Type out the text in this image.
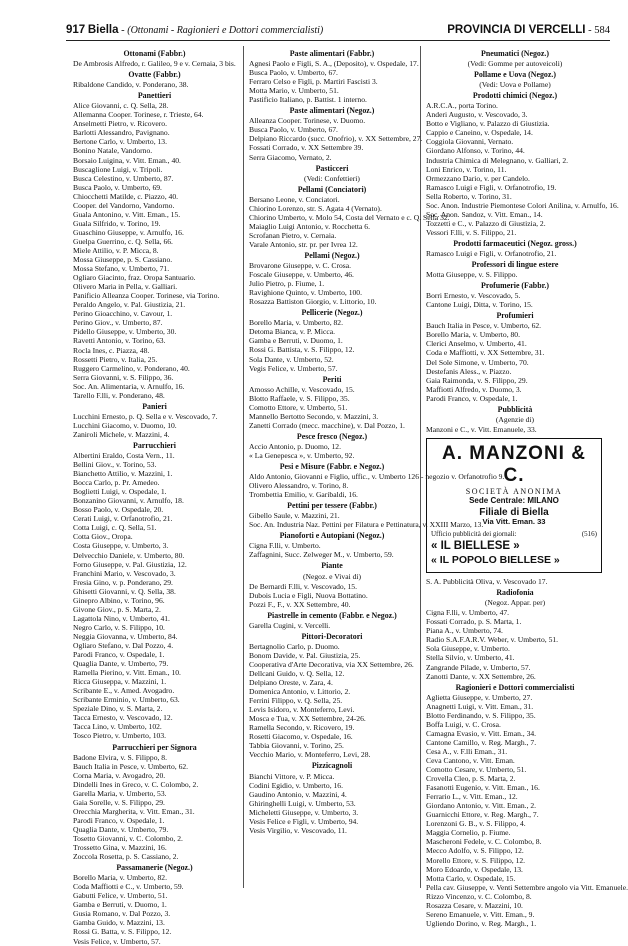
917 Biella - (Ottonami - Ragionieri e Dottori commercialisti)	PROVINCIA DI VERCELLI - 584
Ottonami (Fabbr.)

De Ambrosis Alfredo, r. Galileo, 9 e v. Cernaia, 3 bis.

Ovatte (Fabbr.)

Ribaldone Candido, v. Ponderano, 38.

Panettieri

Alice Giovanni, c. Q. Sella, 28.

Allemanna Cooper. Torinese, r. Trieste, 64.

Anselmetti Pietro, v. Ricovero.

Barlotti Alessandro, Pavignano.

Bertone Carlo, v. Umberto, 13.

Bonino Natale, Vandorno.

Borsaio Luigina, v. Vitt. Eman., 40.

Buscaglione Luigi, v. Tripoli.

Busca Celestino, v. Umberto, 87.

Busca Paolo, v. Umberto, 69.

Chiocchetti Matilde, c. Piazzo, 40.

Cooper. del Vandorno, Vandorno.

Guala Antonino, v. Vitt. Eman., 15.

Guala Silfrido, v. Torino, 19.

Guaschino Giuseppe, v. Arnulfo, 16.

Guelpa Guerrino, c. Q. Sella, 66.

Miele Attilio, v. P. Micca, 8.

Mossa Giuseppe, p. S. Cassiano.

Mossa Stefano, v. Umberto, 71.

Ogliaro Giacinto, fraz. Oropa Santuario.

Olivero Maria in Pella, v. Galliari.

Panificio Alleanza Cooper. Torinese, via Torino.

Peraldo Angelo, v. Pal. Giustizia, 21.

Perino Gioacchino, v. Cavour, 1.

Perino Giov., v. Umberto, 87.

Pidello Giuseppe, v. Umberto, 30.

Ravetti Antonio, v. Torino, 63.

Rocla Ines, c. Piazza, 48.

Rossetti Pietro, v. Italia, 25.

Ruggero Carmelino, v. Ponderano, 40.

Serra Giovanni, v. S. Filippo, 36.

Soc. An. Alimentaria, v. Arnulfo, 16.

Tarello F.lli, v. Ponderano, 48.

Panieri

Lucchini Ernesto, p. Q. Sella e v. Vescovado, 7.

Lucchini Giacomo, v. Duomo, 10.

Zaniroli Michele, v. Mazzini, 4.

Parrucchieri

Albertini Eraldo, Costa Vern., 11.

Bellini Giov., v. Torino, 53.

Bianchetto Attilio, v. Mazzini, 1.

Bocca Carlo, p. Pr. Amedeo.

Boglietti Luigi, v. Ospedale, 1.

Bonzanino Giovanni, v. Arnulfo, 18.

Bosso Paolo, v. Ospedale, 20.

Cerati Luigi, v. Orfanotrofio, 21.

Cotta Luigi, c. Q. Sella, 51.

Cotta Giov., Oropa.

Costa Giuseppe, v. Umberto, 3.

Delvecchio Daniele, v. Umberto, 80.

Forno Giuseppe, v. Pal. Giustizia, 12.

Franchini Mario, v. Vescovado, 3.

Fresia Gino, v. p. Ponderano, 29.

Ghisetti Giovanni, v. Q. Sella, 38.

Ginepro Albino, v. Torino, 96.

Givone Giov., p. S. Marta, 2.

Lagattola Nino, v. Umberto, 41.

Negro Carlo, v. S. Filippo, 10.

Neggia Giovanna, v. Umberto, 84.

Ogliaro Stefano, v. Dal Pozzo, 4.

Parodi Franco, v. Ospedale, 1.

Quaglia Dante, v. Umberto, 79.

Ramella Pierino, v. Vitt. Eman., 10.

Ricca Giuseppa, v. Mazzini, 1.

Scribante E., v. Amed. Avogadro.

Scribante Erminio, v. Umberto, 63.

Speziale Dino, v. S. Marta, 2.

Tacca Ernesto, v. Vescovado, 12.

Tacca Lino, v. Umberto, 102.

Tosco Pietro, v. Umberto, 103.

Parrucchieri per Signora

Badone Elvira, v. S. Filippo, 8.

Bauch Italia in Pesce, v. Umberto, 62.

Corna Maria, v. Avogadro, 20.

Dindelli Ines in Greco, v. C. Colombo, 2.

Garella Maria, v. Umberto, 53.

Gaia Sorelle, v. S. Filippo, 29.

Orecchia Margherita, v. Vitt. Eman., 31.

Parodi Franco, v. Ospedale, 1.

Quaglia Dante, v. Umberto, 79.

Tosetto Giovanni, v. C. Colombo, 2.

Trossetto Gina, v. Mazzini, 16.

Zoccola Rosetta, p. S. Cassiano, 2.

Passamanerie (Negoz.)

Borello Maria, v. Umberto, 82.

Coda Maffiotti e C., v. Umberto, 59.

Gabutti Felice, v. Umberto, 51.

Gamba e Berruti, v. Duomo, 1.

Gusia Romano, v. Dal Pozzo, 3.

Gamba Guido, v. Mazzini, 13.

Rossi G. Batta, v. S. Filippo, 12.

Vesis Felice, v. Umberto, 57.

Paste alimentari (Fabbr.)

Agnesi Paolo e Figli, S. A., (Deposito), v. Ospedale, 17.

Busca Paolo, v. Umberto, 67.

Ferraro Celso e Figli, p. Martiri Fascisti 3.

Motta Mario, v. Umberto, 51.

Pastificio Italiano, p. Battist. 1 interno.

Paste alimentari (Negoz.)

Alleanza Cooper. Torinese, v. Duomo.

Busca Paolo, v. Umberto, 67.

Delpiano Riccardo (succ. Onofrio), v. XX Settembre, 27.

Fossati Corrado, v. XX Settembre 39.

Serra Giacomo, Vernato, 2.

Pasticceri
(Vedi: Confettieri)
Pellami (Conciatori)

Bersano Leone, v. Conciatori.

Chiorino Lorenzo, str. S. Agata 4 (Vernato).

Chiorino Umberto, v. Molo 54, Costa del Vernato e c. Q. Sella 32.

Maiaglio Luigi Antonio, v. Rocchetta 6.

Scrofanan Pietro, v. Cernaia.

Varale Antonio, str. pr. per Ivrea 12.

Pellami (Negoz.)

Brovarone Giuseppe, v. C. Crosa.

Foscale Giuseppe, v. Umberto, 46.

Julio Pietro, p. Fiume, 1.

Ravighione Quinto, v. Umberto, 100.

Rosazza Battiston Giorgio, v. Littorio, 10.

Pellicerie (Negoz.)

Borello Maria, v. Umberto, 82.

Detoma Bianca, v. P. Micca.

Gamba e Berruti, v. Duomo, 1.

Rossi G. Battista, v. S. Filippo, 12.

Sola Dante, v. Umberto, 52.

Vegis Felice, v. Umberto, 57.

Periti

Amosso Achille, v. Vescovado, 15.

Blotto Raffaele, v. S. Filippo, 35.

Comotto Ettore, v. Umberto, 51.

Mannello Bertotto Secondo, v. Mazzini, 3.

Zanetti Corrado (mecc. macchine), v. Dal Pozzo, 1.

Pesce fresco (Negoz.)

Accio Antonio, p. Duomo, 12.

« La Genepesca », v. Umberto, 92.

Pesi e Misure (Fabbr. e Negoz.)

Aldo Antonio, Giovanni e Figlio, uffic., v. Umberto 126 - negozio v. Orfanotrofio 9.

Olivero Alessandro, v. Torino, 8.

Trombettia Emilio, v. Garibaldi, 16.

Pettini per tessere (Fabbr.)

Gibello Saule, v. Mazzini, 21.

Soc. An. Industria Naz. Pettini per Filatura e Pettinatura, v. XXIII Marzo, 13.

Pianoforti e Autopiani (Negoz.)

Cigna F.lli, v. Umberto.

Zaffagnini, Succ. Zelweger M., v. Umberto, 59.

Piante
(Negoz. e Vivai di)

De Bernardi F.lli, v. Vescovado, 15.

Dubois Lucia e Figli, Nuova Bottatino.

Pozzi F., F., v. XX Settembre, 40.

Piastrelle in cemento (Fabbr. e Negoz.)

Garella Cugini, v. Vercelli.

Pittori-Decoratori

Bertagnolio Carlo, p. Duomo.

Bonom Davide, v. Pal. Giustizia, 25.

Cooperativa d'Arte Decorativa, via XX Settembre, 26.

Dellcani Guido, v. Q. Sella, 12.

Delpiano Oreste, v. Zara, 4.

Domenica Antonio, v. Littorio, 2.

Ferrini Filippo, v. Q. Sella, 25.

Levis Isidoro, v. Monteferro, Levi.

Mosca e Tua, v. XX Settembre, 24-26.

Ramella Secondo, v. Ricovero, 19.

Rosetti Giacomo, v. Ospedale, 16.

Tabbia Giovanni, v. Torino, 25.

Vecchio Mario, v. Monteferro, Levi, 28.

Pizzicagnoli

Bianchi Vittore, v. P. Micca.

Codini Egidio, v. Umberto, 16.

Gaudino Antonio, v. Mazzini, 4.

Ghiringhelli Luigi, v. Umberto, 53.

Micheletti Giuseppe, v. Umberto, 3.

Vesis Felice e Figli, v. Umberto, 94.

Vesis Virgilio, v. Vescovado, 11.

Pneumatici (Negoz.)
(Vedi: Gomme per autoveicoli)
Pollame e Uova (Negoz.)
(Vedi: Uova e Pollame)
Prodotti chimici (Negoz.)

A.R.C.A., porta Torino.

Anderi Augusto, v. Vescovado, 3.

Botto e Vigliano, v. Palazzo di Giustizia.

Cappio e Caneino, v. Ospedale, 14.

Coggiola Giovanni, Vernato.

Giordano Alfonso, v. Torino, 44.

Industria Chimica di Melegnano, v. Galliari, 2.

Loni Enrico, v. Torino, 11.

Ormezzano Dario, v. per Candelo.

Ramasco Luigi e Figli, v. Orfanotrofio, 19.

Sella Roberto, v. Torino, 31.

Soc. Anon. Industrie Piemontese Colori Anilina, v. Arnulfo, 16.

Soc. Anon. Sandoz, v. Vitt. Eman., 14.

Tozzetti e C., v. Palazzo di Giustizia, 2.

Vessori F.lli, v. S. Filippo, 21.

Prodotti farmaceutici (Negoz. gross.)

Ramasco Luigi e Figli, v. Orfanotrofio, 21.

Professori di lingue estere

Motta Giuseppe, v. S. Filippo.

Profumerie (Fabbr.)

Borri Ernesto, v. Vescovado, 5.

Cantone Luigi, Ditta, v. Torino, 15.

Profumieri

Bauch Italia in Pesce, v. Umberto, 62.

Borello Maria, v. Umberto, 80.

Clerici Anselmo, v. Umberto, 41.

Coda e Maffiotti, v. XX Settembre, 31.

Del Sole Simone, v. Umberto, 70.

Destefanis Aless., v. Piazzo.

Gaia Raimonda, v. S. Filippo, 29.

Maffiotti Alfredo, v. Duomo, 3.

Parodi Franco, v. Ospedale, 1.

Pubblicità
(Agenzie di)

Manzoni e C., v. Vitt. Emanuele, 33.

A. MANZONI & C.
SOCIETÀ ANONIMA
Sede Centrale: MILANO
Filiale di Biella
Via Vitt. Eman. 33
Ufficio pubblicità dei giornali:	(516)
« IL BIELLESE »
« IL POPOLO BIELLESE »

S. A. Pubblicità Oliva, v. Vescovado 17.

Radiofonia
(Negoz. Appar. per)

Cigna F.lli, v. Umberto, 47.

Fossati Corrado, p. S. Marta, 1.

Piana A., v. Umberto, 74.

Radio S.A.F.A.R.V. Weber, v. Umberto, 51.

Sola Giuseppe, v. Umberto.

Stella Silvio, v. Umberto, 41.

Zangrande Pilade, v. Umberto, 57.

Zanotti Dante, v. XX Settembre, 26.

Ragionieri e Dottori commercialisti

Aglietta Giuseppe, v. Umberto, 27.

Anagnetti Luigi, v. Vitt. Eman., 31.

Blotto Ferdinando, v. S. Filippo, 35.

Boffa Luigi, v. C. Crosa.

Camagna Evasio, v. Vitt. Eman., 34.

Cantone Camillo, v. Reg. Margh., 7.

Cesa A., v. F.lli Eman., 31.

Ceva Cantono, v. Vitt. Eman.

Comotto Cesare, v. Umberto, 51.

Crovella Cleo, p. S. Marta, 2.

Fasanotti Eugenio, v. Vitt. Eman., 16.

Ferrario L., v. Vitt. Eman., 12.

Giordano Antonio, v. Vitt. Eman., 2.

Guarnicchi Ettore, v. Reg. Margh., 7.

Lorenzoni G. B., v. S. Filippo, 4.

Maggia Cornelio, p. Fiume.

Mascheroni Fedele, v. C. Colombo, 8.

Mecco Adolfo, v. S. Filippo, 12.

Morello Ettore, v. S. Filippo, 12.

Moro Edoardo, v. Ospedale, 13.

Motta Carlo, v. Ospedale, 15.

Pella cav. Giuseppe, v. Venti Settembre angolo via Vitt. Emanuele.

Rizzo Vincenzo, v. C. Colombo, 8.

Rosazza Cesare, v. Mazzini, 10.

Sereno Emanuele, v. Vitt. Eman., 9.

Ugliendo Dorino, v. Reg. Margh., 1.
